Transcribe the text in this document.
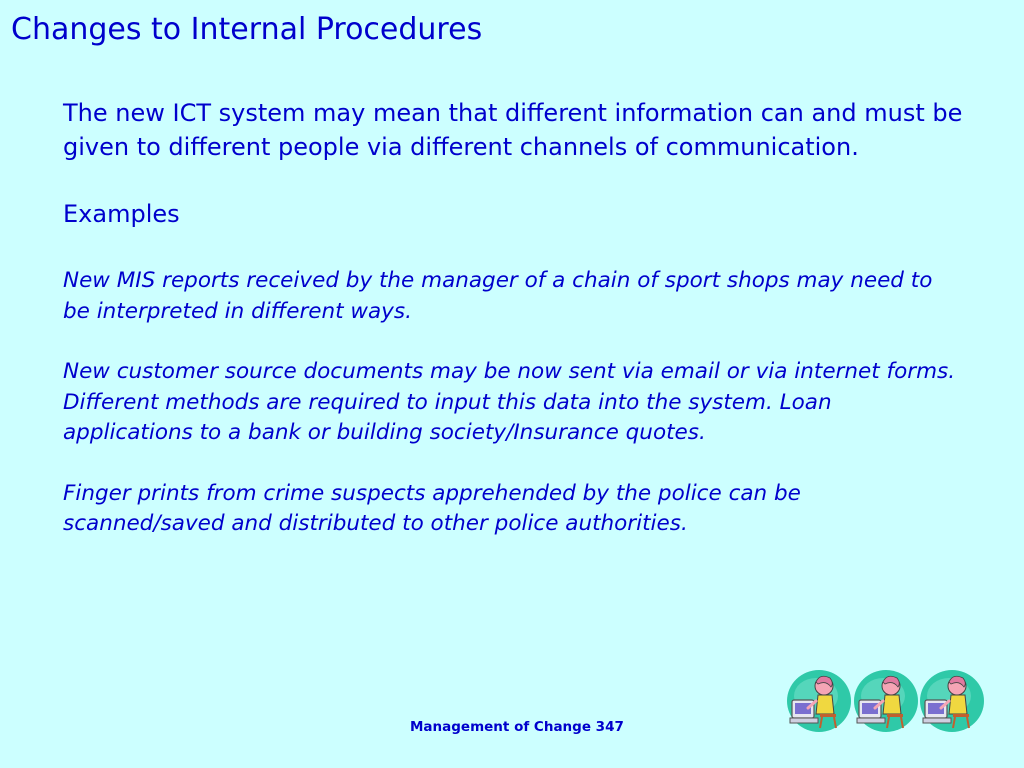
Changes to Internal Procedures

The new ICT system may mean that different information can and must be given to different people via different channels of communication.

Examples

New MIS reports received by the manager of a chain of sport shops may need to be interpreted in different ways.

New customer source documents may be now sent via email or via internet forms. Different methods are required to input this data into the system. Loan applications to a bank or building society/Insurance quotes.

Finger prints from crime suspects apprehended by the police can be scanned/saved and distributed to other police authorities.

Management of Change 347
